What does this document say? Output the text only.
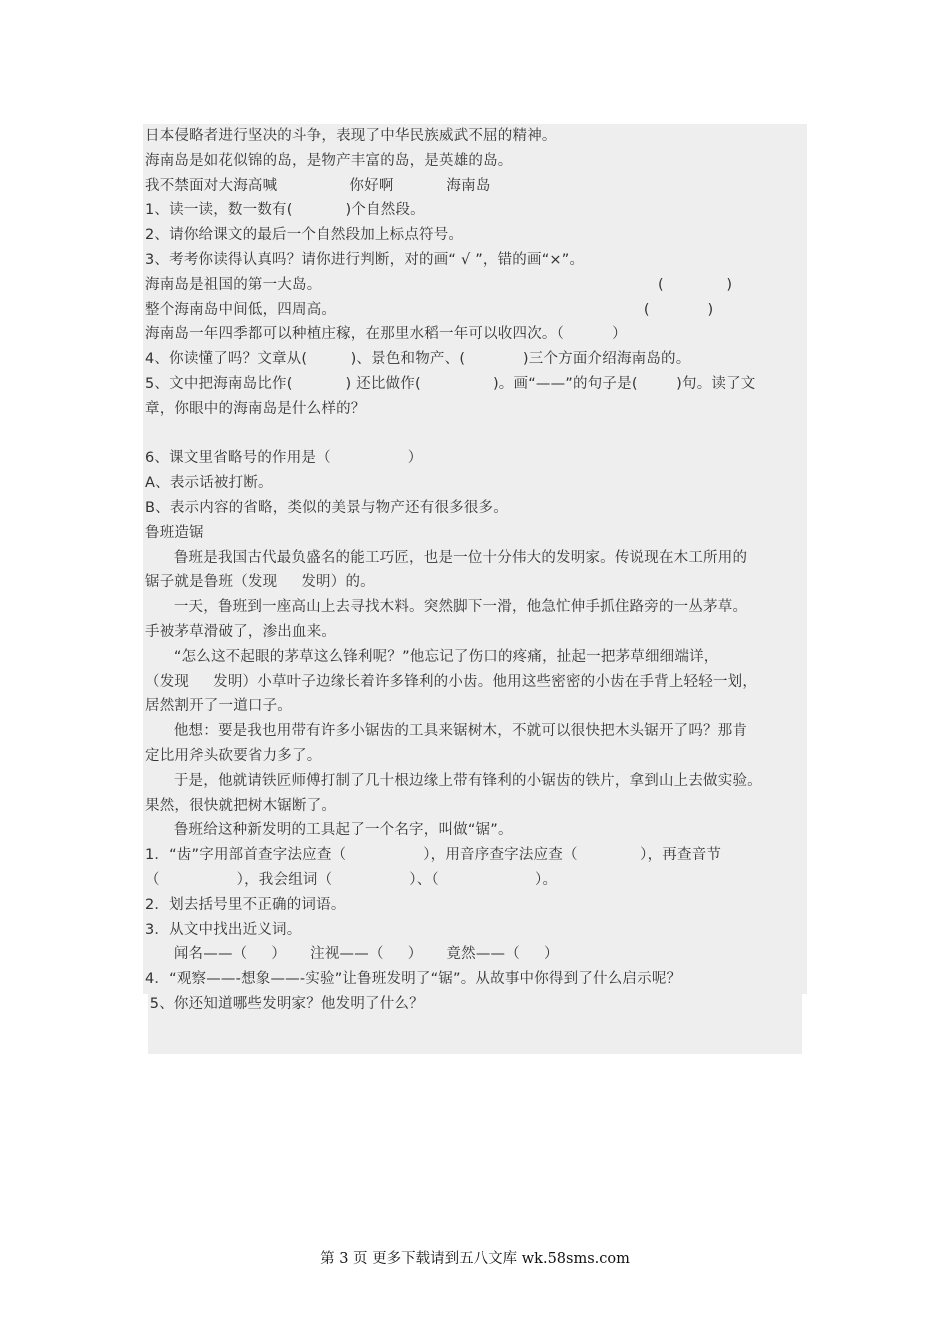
日本侵略者进行坚决的斗争，表现了中华民族威武不屈的精神。
海南岛是如花似锦的岛，是物产丰富的岛，是英雄的岛。
我不禁面对大海高喊               你好啊           海南岛
1、读一读，数一数有(           )个自然段。
2、请你给课文的最后一个自然段加上标点符号。
3、考考你读得认真吗？请你进行判断，对的画“ √ ”，错的画“×”。
海南岛是祖国的第一大岛。                                                                      (             )
整个海南岛中间低，四周高。                                                                (            )
海南岛一年四季都可以种植庄稼，在那里水稻一年可以收四次。（          ）
4、你读懂了吗？文章从(         )、景色和物产、(            )三个方面介绍海南岛的。
5、文中把海南岛比作(           ) 还比做作(               )。画“——”的句子是(        )句。读了文
章，你眼中的海南岛是什么样的？
6、课文里省略号的作用是（                ）
A、表示话被打断。
B、表示内容的省略，类似的美景与物产还有很多很多。
鲁班造锯
鲁班是我国古代最负盛名的能工巧匠，也是一位十分伟大的发明家。传说现在木工所用的
锯子就是鲁班（发现     发明）的。
一天，鲁班到一座高山上去寻找木料。突然脚下一滑，他急忙伸手抓住路旁的一丛茅草。
手被茅草滑破了，渗出血来。
“怎么这不起眼的茅草这么锋利呢？”他忘记了伤口的疼痛，扯起一把茅草细细端详，
（发现     发明）小草叶子边缘长着许多锋利的小齿。他用这些密密的小齿在手背上轻轻一划，
居然割开了一道口子。
他想：要是我也用带有许多小锯齿的工具来锯树木，不就可以很快把木头锯开了吗？那肯
定比用斧头砍要省力多了。
于是，他就请铁匠师傅打制了几十根边缘上带有锋利的小锯齿的铁片，拿到山上去做实验。
果然，很快就把树木锯断了。
鲁班给这种新发明的工具起了一个名字，叫做“锯”。
1．“齿”字用部首查字法应查（                ），用音序查字法应查（             ），再查音节
（                ），我会组词（                ）、（                    ）。
2．划去括号里不正确的词语。
3．从文中找出近义词。
闻名——（     ）     注视——（     ）     竟然——（     ）
4．“观察——-想象——-实验”让鲁班发明了“锯”。从故事中你得到了什么启示呢？
5、你还知道哪些发明家？他发明了什么？
第 3 页 更多下载请到五八文库 wk.58sms.com
